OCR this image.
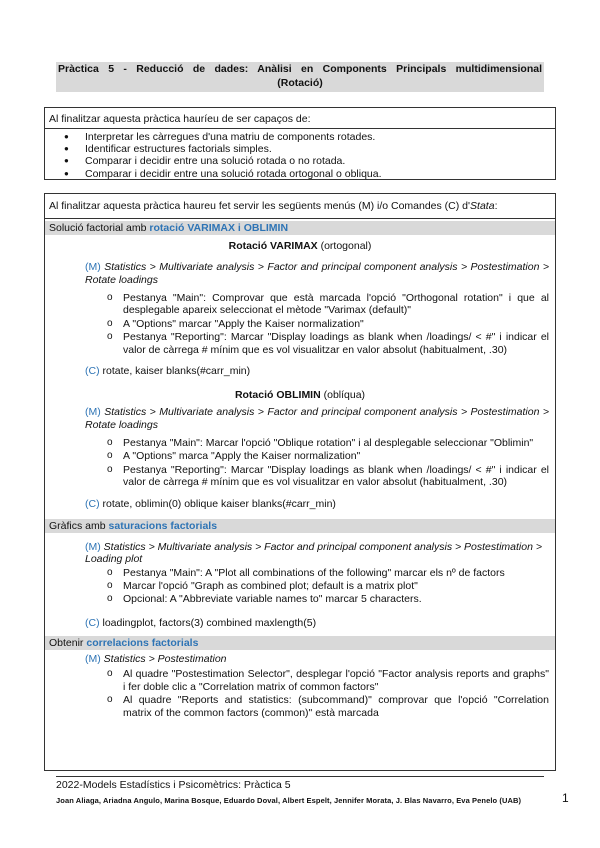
Pràctica 5 - Reducció de dades: Anàlisi en Components Principals multidimensional
(Rotació)
Al finalitzar aquesta pràctica hauríeu de ser capaços de:
● Interpretar les càrregues d'una matriu de components rotades.
● Identificar estructures factorials simples.
● Comparar i decidir entre una solució rotada o no rotada.
● Comparar i decidir entre una solució rotada ortogonal o obliqua.
Al finalitzar aquesta pràctica haureu fet servir les següents menús (M) i/o Comandes (C) d'Stata:
Solució factorial amb rotació VARIMAX i OBLIMIN
Rotació VARIMAX (ortogonal)
(M) Statistics > Multivariate analysis > Factor and principal component analysis > Postestimation > Rotate loadings
o Pestanya "Main": Comprovar que està marcada l'opció "Orthogonal rotation" i que al desplegable apareix seleccionat el mètode "Varimax (default)"
o A "Options" marcar "Apply the Kaiser normalization"
o Pestanya "Reporting": Marcar "Display loadings as blank when /loadings/ < #" i indicar el valor de càrrega # mínim que es vol visualitzar en valor absolut (habitualment, .30)
(C) rotate, kaiser blanks(#carr_min)
Rotació OBLIMIN (oblíqua)
(M) Statistics > Multivariate analysis > Factor and principal component analysis > Postestimation > Rotate loadings
o Pestanya "Main": Marcar l'opció "Oblique rotation" i al desplegable seleccionar "Oblimin"
o A "Options" marca "Apply the Kaiser normalization"
o Pestanya "Reporting": Marcar "Display loadings as blank when /loadings/ < #" i indicar el valor de càrrega # mínim que es vol visualitzar en valor absolut (habitualment, .30)
(C) rotate, oblimin(0) oblique kaiser blanks(#carr_min)
Gràfics amb saturacions factorials
(M) Statistics > Multivariate analysis > Factor and principal component analysis > Postestimation > Loading plot
o Pestanya "Main": A "Plot all combinations of the following" marcar els nº de factors
o Marcar l'opció "Graph as combined plot; default is a matrix plot"
o Opcional: A "Abbreviate variable names to" marcar 5 characters.
(C) loadingplot, factors(3) combined maxlength(5)
Obtenir correlacions factorials
(M) Statistics > Postestimation
o Al quadre "Postestimation Selector", desplegar l'opció "Factor analysis reports and graphs" i fer doble clic a "Correlation matrix of common factors"
o Al quadre "Reports and statistics: (subcommand)" comprovar que l'opció "Correlation matrix of the common factors (common)" està marcada
2022-Models Estadístics i Psicomètrics: Pràctica 5
Joan Aliaga, Ariadna Angulo, Marina Bosque, Eduardo Doval, Albert Espelt, Jennifer Morata, J. Blas Navarro, Eva Penelo (UAB)	1
